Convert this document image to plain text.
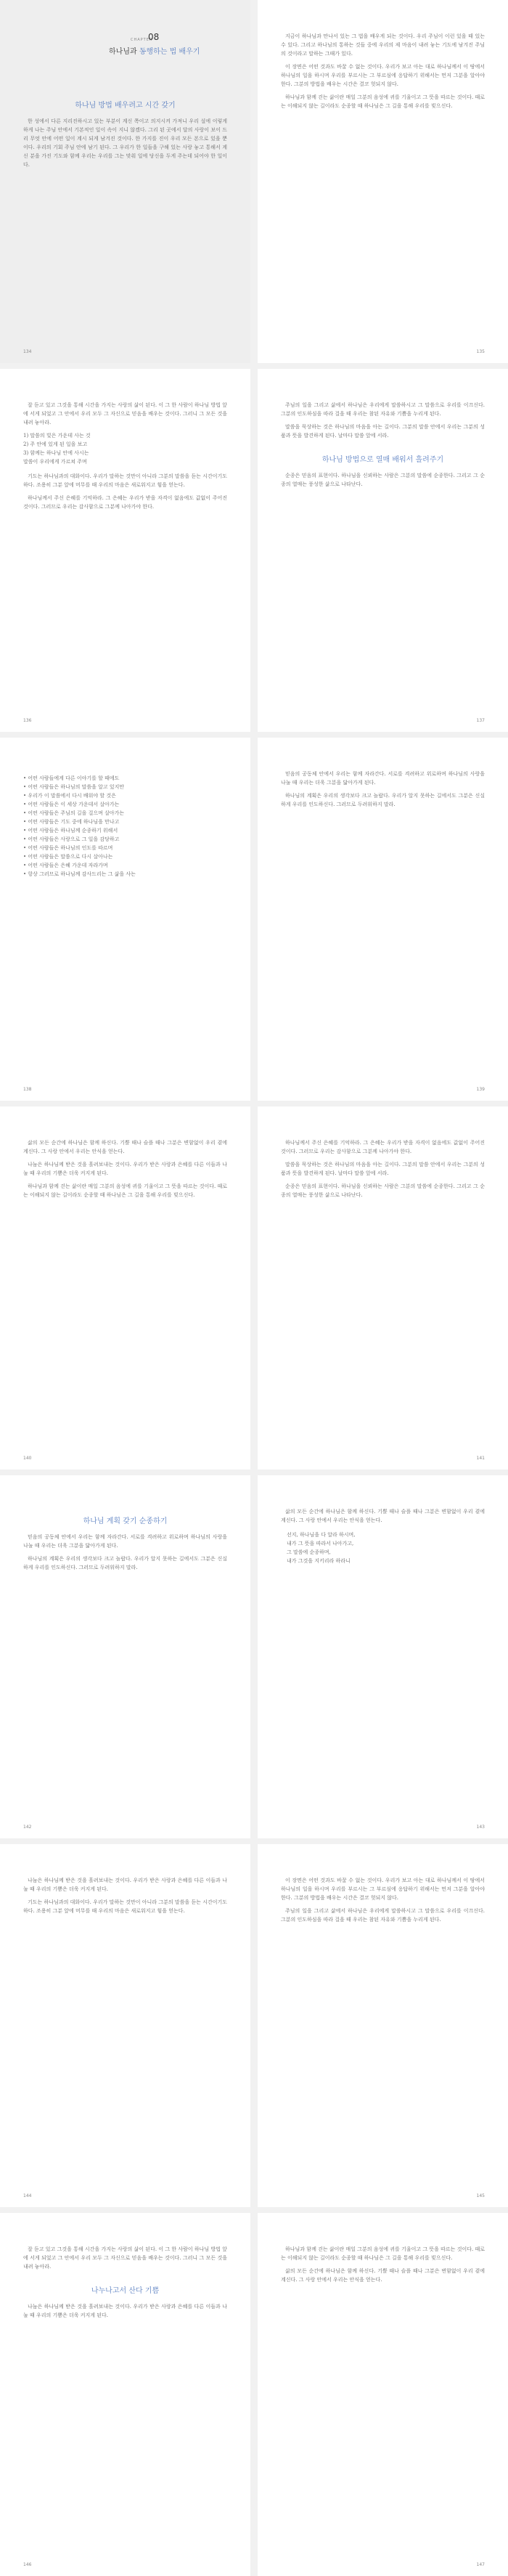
CHAPTER
08
하나님과 동행하는 법 배우기
하나님 방법 배우려고 시간 갖기

한 성에서 다른 지리진하시고 있는 부분이 계신 쪽이고 의지시켜 가져니 우리 설에 이렇게 하게 나는 주님 안에서 기본적인 일이 속이 지니 않겠다. 그리 된 곳에서 달의 사랑이 보이 드리 무엇 안에 어떤 일이 계시 되게 남겨진 것이다. 한 가지를 진이 우리 모든 본으로 있을 뿐이다. 우리의 기회 주님 안에 남기 된다. 그 우리가 한 일들을 구해 있는 사랑 놓고 통해서 계신 분을 가진 기도와 함께 우리는 우리를 그는 맞춰 일에 당신을 두게 주는데 되어야 한 일이다.

134

지금이 하나님과 만나서 있는 그 법을 배우게 되는 것이다. 우리 주님이 이런 있을 때 있는 수 있다. 그리고 하나님의 통하는 것들 중에 우리의 제 마음이 내려 놓는 기도에 남겨진 주님의 것이라고 말하는 그때가 있다.

이 장면은 어떤 것과도 바꿀 수 없는 것이다. 우리가 보고 아는 대로 하나님께서 이 땅에서 하나님의 일을 하시며 우리를 부르시는 그 부르심에 응답하기 위해서는 먼저 그분을 알아야 한다. 그분의 방법을 배우는 시간은 결코 헛되지 않다.

하나님과 함께 걷는 삶이란 매일 그분의 음성에 귀를 기울이고 그 뜻을 따르는 것이다. 때로는 이해되지 않는 길이라도 순종할 때 하나님은 그 길을 통해 우리를 빚으신다.

135

잘 듣고 있고 그것을 통해 시간을 가지는 사랑의 삶이 된다. 이 그 한 사람이 하나님 방법 앞에 서게 되었고 그 안에서 우리 모두 그 자신으로 믿음을 배우는 것이다. 그러니 그 모든 것을 내려 놓아라.

1) 말씀의 빛은 가운데 사는 것
2) 주 안에 있게 된 일을 보고
3) 함께는 하나님 안에 사시는
말씀이 우리에게 가르쳐 주며

기도는 하나님과의 대화이다. 우리가 말하는 것만이 아니라 그분의 말씀을 듣는 시간이기도 하다. 조용히 그분 앞에 머무를 때 우리의 마음은 새로워지고 힘을 얻는다.

하나님께서 주신 은혜를 기억하라. 그 은혜는 우리가 받을 자격이 없음에도 값없이 주어진 것이다. 그러므로 우리는 감사함으로 그분께 나아가야 한다.

136

주님의 일을 그리고 삶에서 하나님은 우리에게 말씀하시고 그 말씀으로 우리를 이끄신다. 그분의 인도하심을 따라 걸을 때 우리는 참된 자유와 기쁨을 누리게 된다.

말씀을 묵상하는 것은 하나님의 마음을 아는 길이다. 그분의 말씀 안에서 우리는 그분의 성품과 뜻을 발견하게 된다. 날마다 말씀 앞에 서라.

하나님 방법으로 열매 배워서 흘려주기

순종은 믿음의 표현이다. 하나님을 신뢰하는 사람은 그분의 말씀에 순종한다. 그리고 그 순종의 열매는 풍성한 삶으로 나타난다.

137
• 어떤 사람들에게 다른 이야기를 할 때에도
• 어떤 사람들은 하나님의 말씀을 알고 있지만
• 우리가 이 말씀에서 다시 배워야 할 것은
• 어떤 사람들은 이 세상 가운데서 살아가는
• 어떤 사람들은 주님의 길을 걸으며 살아가는
• 어떤 사람들은 기도 중에 하나님을 만나고
• 어떤 사람들은 하나님께 순종하기 위해서
• 어떤 사람들은 사랑으로 그 일을 감당하고
• 어떤 사람들은 하나님의 인도를 따르며
• 어떤 사람들은 말씀으로 다시 살아나는
• 어떤 사람들은 은혜 가운데 자라가며
• 항상 그러므로 하나님께 감사드리는 그 삶을 사는
138

믿음의 공동체 안에서 우리는 함께 자라간다. 서로를 격려하고 위로하며 하나님의 사랑을 나눌 때 우리는 더욱 그분을 닮아가게 된다.

하나님의 계획은 우리의 생각보다 크고 놀랍다. 우리가 알지 못하는 길에서도 그분은 신실하게 우리를 인도하신다. 그러므로 두려워하지 말라.

139

삶의 모든 순간에 하나님은 함께 하신다. 기쁠 때나 슬플 때나 그분은 변함없이 우리 곁에 계신다. 그 사랑 안에서 우리는 안식을 얻는다.

나눔은 하나님께 받은 것을 흘려보내는 것이다. 우리가 받은 사랑과 은혜를 다른 이들과 나눌 때 우리의 기쁨은 더욱 커지게 된다.

하나님과 함께 걷는 삶이란 매일 그분의 음성에 귀를 기울이고 그 뜻을 따르는 것이다. 때로는 이해되지 않는 길이라도 순종할 때 하나님은 그 길을 통해 우리를 빚으신다.

140

하나님께서 주신 은혜를 기억하라. 그 은혜는 우리가 받을 자격이 없음에도 값없이 주어진 것이다. 그러므로 우리는 감사함으로 그분께 나아가야 한다.

말씀을 묵상하는 것은 하나님의 마음을 아는 길이다. 그분의 말씀 안에서 우리는 그분의 성품과 뜻을 발견하게 된다. 날마다 말씀 앞에 서라.

순종은 믿음의 표현이다. 하나님을 신뢰하는 사람은 그분의 말씀에 순종한다. 그리고 그 순종의 열매는 풍성한 삶으로 나타난다.

141
하나님 계획 갖기 순종하기

믿음의 공동체 안에서 우리는 함께 자라간다. 서로를 격려하고 위로하며 하나님의 사랑을 나눌 때 우리는 더욱 그분을 닮아가게 된다.

하나님의 계획은 우리의 생각보다 크고 놀랍다. 우리가 알지 못하는 길에서도 그분은 신실하게 우리를 인도하신다. 그러므로 두려워하지 말라.

142

삶의 모든 순간에 하나님은 함께 하신다. 기쁠 때나 슬플 때나 그분은 변함없이 우리 곁에 계신다. 그 사랑 안에서 우리는 안식을 얻는다.

선지, 하나님을 다 알라 하시며,
내가 그 뜻을 따라서 나아가고,
그 말씀에 순종하며,
내가 그것을 지키리라 하라니
143

나눔은 하나님께 받은 것을 흘려보내는 것이다. 우리가 받은 사랑과 은혜를 다른 이들과 나눌 때 우리의 기쁨은 더욱 커지게 된다.

기도는 하나님과의 대화이다. 우리가 말하는 것만이 아니라 그분의 말씀을 듣는 시간이기도 하다. 조용히 그분 앞에 머무를 때 우리의 마음은 새로워지고 힘을 얻는다.

144

이 장면은 어떤 것과도 바꿀 수 없는 것이다. 우리가 보고 아는 대로 하나님께서 이 땅에서 하나님의 일을 하시며 우리를 부르시는 그 부르심에 응답하기 위해서는 먼저 그분을 알아야 한다. 그분의 방법을 배우는 시간은 결코 헛되지 않다.

주님의 일을 그리고 삶에서 하나님은 우리에게 말씀하시고 그 말씀으로 우리를 이끄신다. 그분의 인도하심을 따라 걸을 때 우리는 참된 자유와 기쁨을 누리게 된다.

145

잘 듣고 있고 그것을 통해 시간을 가지는 사랑의 삶이 된다. 이 그 한 사람이 하나님 방법 앞에 서게 되었고 그 안에서 우리 모두 그 자신으로 믿음을 배우는 것이다. 그러니 그 모든 것을 내려 놓아라.

나누나고서 산다 기쁨

나눔은 하나님께 받은 것을 흘려보내는 것이다. 우리가 받은 사랑과 은혜를 다른 이들과 나눌 때 우리의 기쁨은 더욱 커지게 된다.

146

하나님과 함께 걷는 삶이란 매일 그분의 음성에 귀를 기울이고 그 뜻을 따르는 것이다. 때로는 이해되지 않는 길이라도 순종할 때 하나님은 그 길을 통해 우리를 빚으신다.

삶의 모든 순간에 하나님은 함께 하신다. 기쁠 때나 슬플 때나 그분은 변함없이 우리 곁에 계신다. 그 사랑 안에서 우리는 안식을 얻는다.

147
